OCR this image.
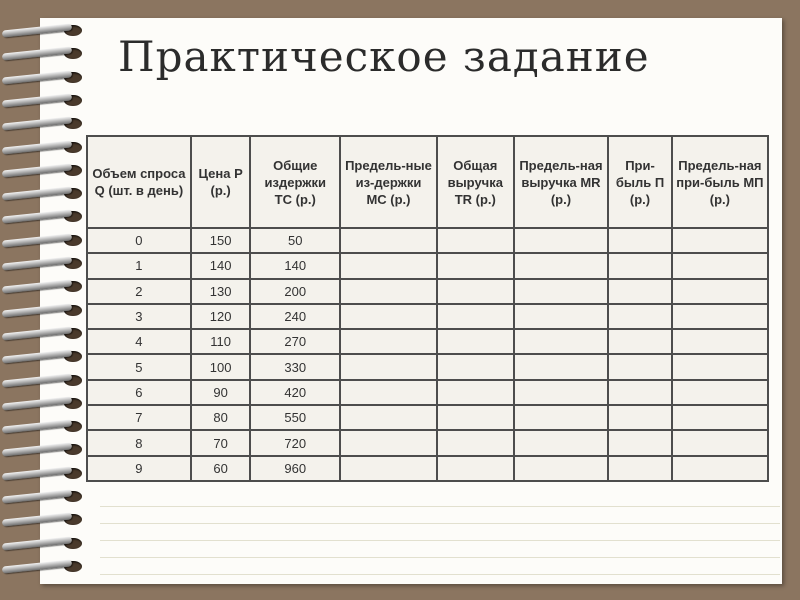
Практическое задание
Объем спроса Q (шт. в день)	Цена P (р.)	Общие издержки TC (р.)	Предель-ные из-держки MC (р.)	Общая выручка TR (р.)	Предель-ная выручка MR (р.)	При-быль П (р.)	Предель-ная при-быль МП (р.)
0	150	50					
1	140	140					
2	130	200					
3	120	240					
4	110	270					
5	100	330					
6	90	420					
7	80	550					
8	70	720					
9	60	960					
